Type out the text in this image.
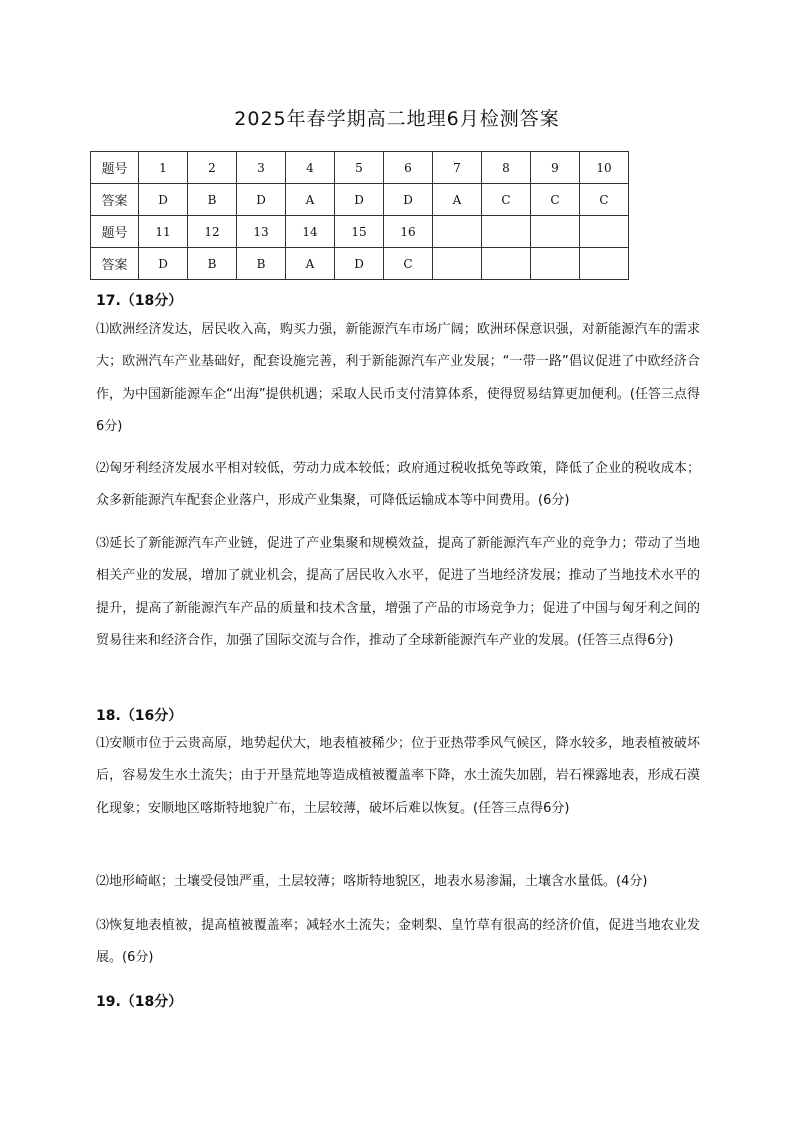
2025年春学期高二地理6月检测答案
题号	1	2	3	4	5	6	7	8	9	10
答案	D	B	D	A	D	D	A	C	C	C
题号	11	12	13	14	15	16				
答案	D	B	B	A	D	C				
17.（18分）
⑴欧洲经济发达，居民收入高，购买力强，新能源汽车市场广阔；欧洲环保意识强，对新能源汽车的需求大；欧洲汽车产业基础好，配套设施完善，利于新能源汽车产业发展；“一带一路”倡议促进了中欧经济合作，为中国新能源车企“出海”提供机遇；采取人民币支付清算体系，使得贸易结算更加便利。(任答三点得6分)
⑵匈牙利经济发展水平相对较低，劳动力成本较低；政府通过税收抵免等政策，降低了企业的税收成本；众多新能源汽车配套企业落户，形成产业集聚，可降低运输成本等中间费用。(6分)
⑶延长了新能源汽车产业链，促进了产业集聚和规模效益，提高了新能源汽车产业的竞争力；带动了当地相关产业的发展，增加了就业机会，提高了居民收入水平，促进了当地经济发展；推动了当地技术水平的提升，提高了新能源汽车产品的质量和技术含量，增强了产品的市场竞争力；促进了中国与匈牙利之间的贸易往来和经济合作，加强了国际交流与合作，推动了全球新能源汽车产业的发展。(任答三点得6分)
18.（16分）
⑴安顺市位于云贵高原，地势起伏大，地表植被稀少；位于亚热带季风气候区，降水较多，地表植被破坏后，容易发生水土流失；由于开垦荒地等造成植被覆盖率下降，水土流失加剧，岩石裸露地表，形成石漠化现象；安顺地区喀斯特地貌广布，土层较薄，破坏后难以恢复。(任答三点得6分)
⑵地形崎岖；土壤受侵蚀严重，土层较薄；喀斯特地貌区，地表水易渗漏，土壤含水量低。(4分)
⑶恢复地表植被，提高植被覆盖率；减轻水土流失；金刺梨、皇竹草有很高的经济价值，促进当地农业发展。(6分)
19.（18分）
